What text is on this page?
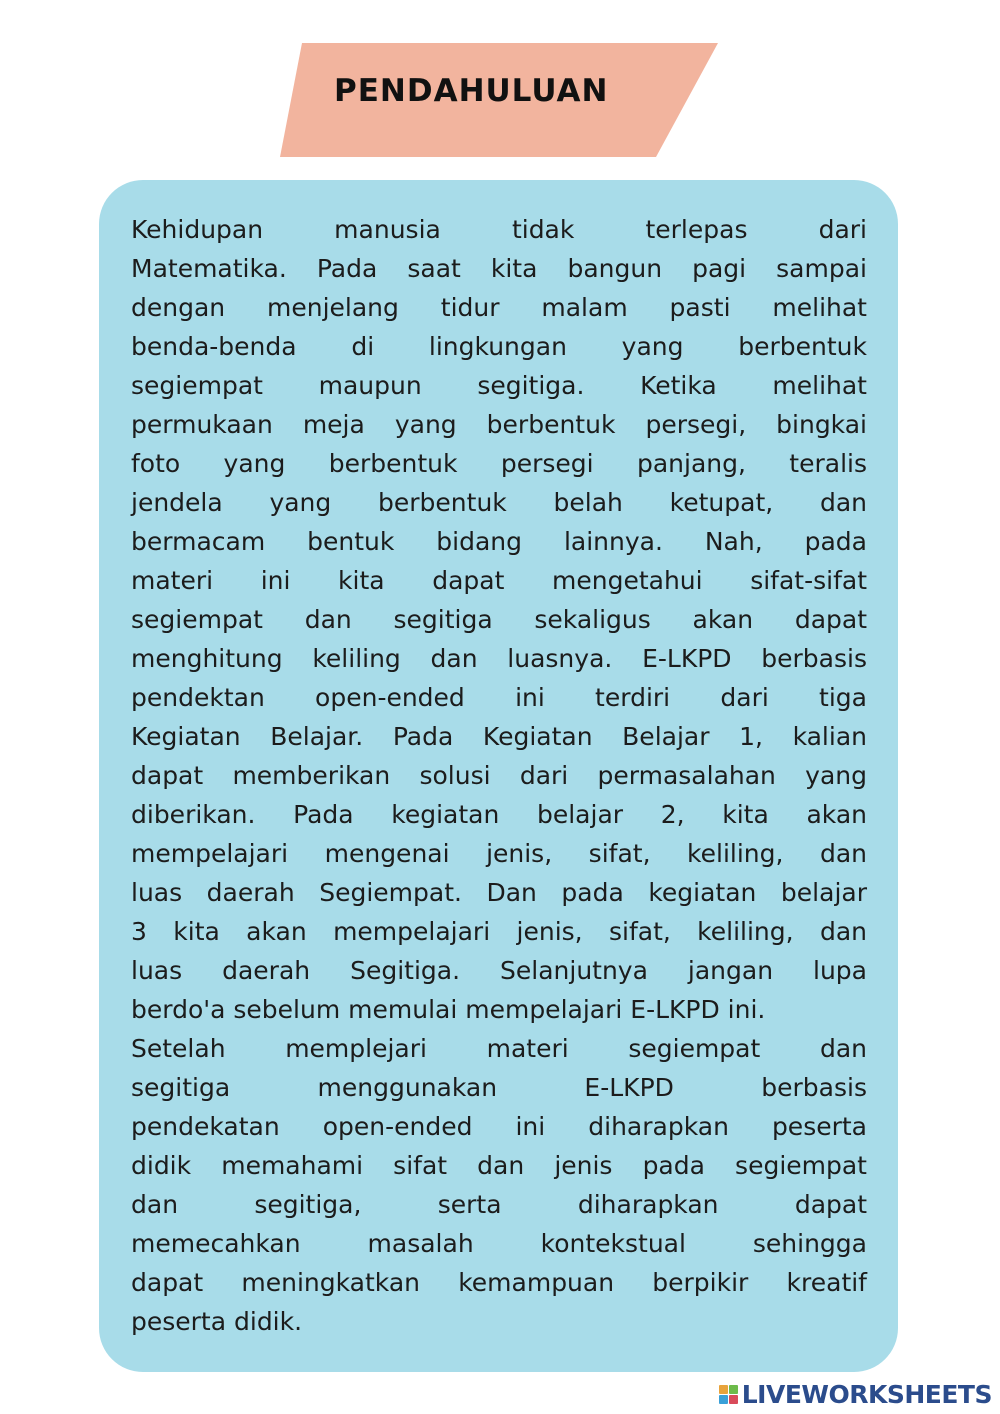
PENDAHULUAN
Kehidupan manusia tidak terlepas dari
Matematika. Pada saat kita bangun pagi sampai
dengan menjelang tidur malam pasti melihat
benda-benda di lingkungan yang berbentuk
segiempat maupun segitiga. Ketika melihat
permukaan meja yang berbentuk persegi, bingkai
foto yang berbentuk persegi panjang, teralis
jendela yang berbentuk belah ketupat, dan
bermacam bentuk bidang lainnya. Nah, pada
materi ini kita dapat mengetahui sifat-sifat
segiempat dan segitiga sekaligus akan dapat
menghitung keliling dan luasnya. E-LKPD berbasis
pendektan open-ended ini terdiri dari tiga
Kegiatan Belajar. Pada Kegiatan Belajar 1, kalian
dapat memberikan solusi dari permasalahan yang
diberikan. Pada kegiatan belajar 2, kita akan
mempelajari mengenai jenis, sifat, keliling, dan
luas daerah Segiempat. Dan pada kegiatan belajar
3 kita akan mempelajari jenis, sifat, keliling, dan
luas daerah Segitiga. Selanjutnya jangan lupa
berdo'a sebelum memulai mempelajari E-LKPD ini.
Setelah memplejari materi segiempat dan
segitiga menggunakan E-LKPD berbasis
pendekatan open-ended ini diharapkan peserta
didik memahami sifat dan jenis pada segiempat
dan segitiga, serta diharapkan dapat
memecahkan masalah kontekstual sehingga
dapat meningkatkan kemampuan berpikir kreatif
peserta didik.
LIVEWORKSHEETS
